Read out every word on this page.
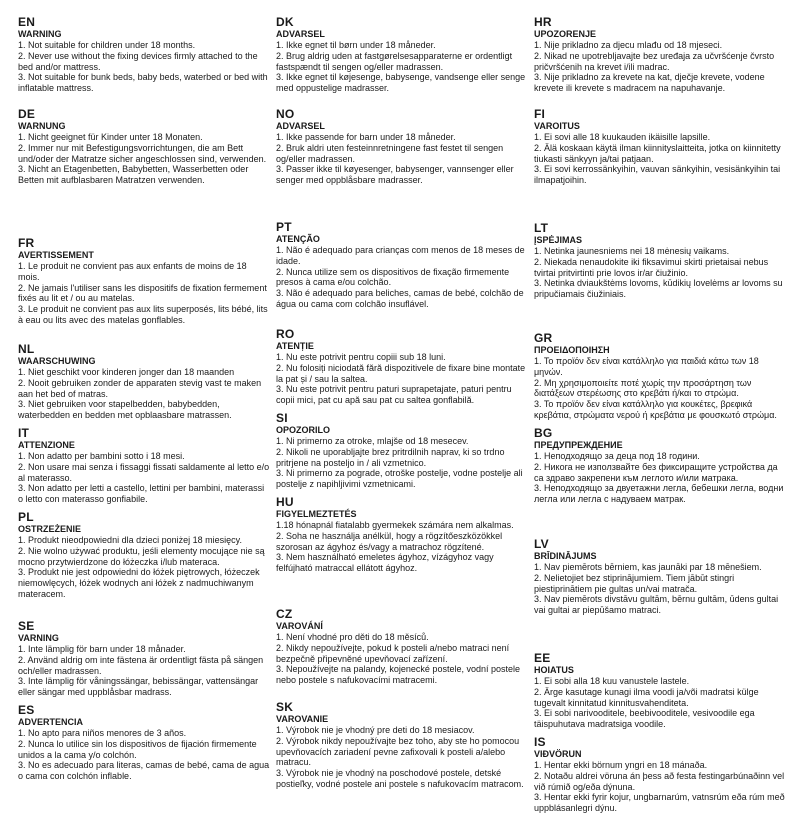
EN
WARNING
1. Not suitable for children under 18 months.
2. Never use without the fixing devices firmly attached to the bed and/or mattress.
3. Not suitable for bunk beds, baby beds, waterbed or bed with inflatable mattress.
DE
WARNUNG
1. Nicht geeignet für Kinder unter 18 Monaten.
2. Immer nur mit Befestigungsvorrichtungen, die am Bett und/oder der Matratze sicher angeschlossen sind, verwenden.
3. Nicht an Etagenbetten, Babybetten, Wasserbetten oder Betten mit aufblasbaren Matratzen verwenden.
FR
AVERTISSEMENT
1. Le produit ne convient pas aux enfants de moins de 18 mois.
2. Ne jamais l'utiliser sans les dispositifs de fixation fermement fixés au lit et / ou au matelas.
3. Le produit ne convient pas aux lits superposés, lits bébé, lits à eau ou lits avec des matelas gonflables.
NL
WAARSCHUWING
1. Niet geschikt voor kinderen jonger dan 18 maanden
2. Nooit gebruiken zonder de apparaten stevig vast te maken aan het bed of matras.
3. Niet gebruiken voor stapelbedden, babybedden, waterbedden en bedden met opblaasbare matrassen.
IT
ATTENZIONE
1. Non adatto per bambini sotto i 18 mesi.
2. Non usare mai senza i fissaggi fissati saldamente al letto e/o al materasso.
3. Non adatto per letti a castello, lettini per bambini, materassi o letto con materasso gonfiabile.
PL
OSTRZEŻENIE
1. Produkt nieodpowiedni dla dzieci poniżej 18 miesięcy.
2. Nie wolno używać produktu, jeśli elementy mocujące nie są mocno przytwierdzone do łóżeczka i/lub materaca.
3. Produkt nie jest odpowiedni do łóżek piętrowych, łóżeczek niemowlęcych, łóżek wodnych ani łóżek z nadmuchiwanym materacem.
SE
VARNING
1. Inte lämplig för barn under 18 månader.
2. Använd aldrig om inte fästena är ordentligt fästa på sängen och/eller madrassen.
3. Inte lämplig för våningssängar, bebissängar, vattensängar eller sängar med uppblåsbar madrass.
ES
ADVERTENCIA
1. No apto para niños menores de 3 años.
2. Nunca lo utilice sin los dispositivos de fijación firmemente unidos a la cama y/o colchón.
3. No es adecuado para literas, camas de bebé, cama de agua o cama con colchón inflable.
DK
ADVARSEL
1. Ikke egnet til børn under 18 måneder.
2. Brug aldrig uden at fastgørelsesapparaterne er ordentligt fastspændt til sengen og/eller madrassen.
3. Ikke egnet til køjesenge, babysenge, vandsenge eller senge med oppustelige madrasser.
NO
ADVARSEL
1. Ikke passende for barn under 18 måneder.
2. Bruk aldri uten festeinnretningene fast festet til sengen og/eller madrassen.
3. Passer ikke til køyesenger, babysenger, vannsenger eller senger med oppblåsbare madrasser.
PT
ATENÇÃO
1. Não é adequado para crianças com menos de 18 meses de idade.
2. Nunca utilize sem os dispositivos de fixação firmemente presos à cama e/ou colchão.
3. Não é adequado para beliches, camas de bebé, colchão de água ou cama com colchão insuflável.
RO
ATENȚIE
1. Nu este potrivit pentru copiii sub 18 luni.
2. Nu folosiți niciodată fără dispozitivele de fixare bine montate la pat și / sau la saltea.
3. Nu este potrivit pentru paturi suprapetajate, paturi pentru copii mici, pat cu apă sau pat cu saltea gonflabilă.
SI
OPOZORILO
1. Ni primerno za otroke, mlajše od 18 mesecev.
2. Nikoli ne uporabljajte brez pritrdilnih naprav, ki so trdno pritrjene na posteljo in / ali vzmetnico.
3. Ni primerno za pograde, otroške postelje, vodne postelje ali postelje z napihljivimi vzmetnicami.
HU
FIGYELMEZTETÉS
1.18 hónapnál fiatalabb gyermekek számára nem alkalmas.
2. Soha ne használja anélkül, hogy a rögzítőeszközökkel szorosan az ágyhoz és/vagy a matrachoz rögzítené.
3. Nem használható emeletes ágyhoz, vízágyhoz vagy felfújható matraccal ellátott ágyhoz.
CZ
VAROVÁNÍ
1. Není vhodné pro děti do 18 měsíců.
2. Nikdy nepoužívejte, pokud k posteli a/nebo matraci není bezpečně připevněné upevňovací zařízení.
3. Nepoužívejte na palandy, kojenecké postele, vodní postele nebo postele s nafukovacími matracemi.
SK
VAROVANIE
1. Výrobok nie je vhodný pre deti do 18 mesiacov.
2. Výrobok nikdy nepoužívajte bez toho, aby ste ho pomocou upevňovacích zariadení pevne zafixovali k posteli a/alebo matracu.
3. Výrobok nie je vhodný na poschodové postele, detské postieľky, vodné postele ani postele s nafukovacím matracom.
HR
UPOZORENJE
1. Nije prikladno za djecu mlađu od 18 mjeseci.
2. Nikad ne upotrebljavajte bez uređaja za učvršćenje čvrsto pričvršćenih na krevet i/ili madrac.
3. Nije prikladno za krevete na kat, dječje krevete, vodene krevete ili krevete s madracem na napuhavanje.
FI
VAROITUS
1. Ei sovi alle 18 kuukauden ikäisille lapsille.
2. Älä koskaan käytä ilman kiinnityslaitteita, jotka on kiinnitetty tiukasti sänkyyn ja/tai patjaan.
3. Ei sovi kerrossänkyihin, vauvan sänkyihin, vesisänkyihin tai ilmapatjoihin.
LT
ĮSPĖJIMAS
1. Netinka jaunesniems nei 18 mėnesių vaikams.
2. Niekada nenaudokite iki fiksavimui skirti prietaisai nebus tvirtai pritvirtinti prie lovos ir/ar čiužinio.
3. Netinka dviaukštėms lovoms, kūdikių lovelėms ar lovoms su pripučiamais čiužiniais.
GR
ΠΡΟΕΙΔΟΠΟΙΗΣΗ
1. Το προϊόν δεν είναι κατάλληλο για παιδιά κάτω των 18 μηνών.
2. Μη χρησιμοποιείτε ποτέ χωρίς την προσάρτηση των διατάξεων στερέωσης στο κρεβάτι ή/και το στρώμα.
3. Το προϊόν δεν είναι κατάλληλο για κουκέτες, βρεφικά κρεβάτια, στρώματα νερού ή κρεβάτια με φουσκωτό στρώμα.
BG
ПРЕДУПРЕЖДЕНИЕ
1. Неподходящо за деца под 18 години.
2. Никога не използвайте без фиксиращите устройства да са здраво закрепени към леглото и/или матрака.
3. Неподходящо за двуетажни легла, бебешки легла, водни легла или легла с надуваем матрак.
LV
BRĪDINĀJUMS
1. Nav piemērots bērniem, kas jaunāki par 18 mēnešiem.
2. Nelietojiet bez stiprinājumiem. Tiem jābūt stingri piestiprinātiem pie gultas un/vai matrača.
3. Nav piemērots divstāvu gultām, bērnu gultām, ūdens gultai vai gultai ar piepūšamo matraci.
EE
HOIATUS
1. Ei sobi alla 18 kuu vanustele lastele.
2. Ärge kasutage kunagi ilma voodi ja/või madratsi külge tugevalt kinnitatud kinnitusvahenditeta.
3. Ei sobi narivooditele, beebivooditele, vesivoodile ega täispuhutava madratsiga voodile.
IS
VIÐVÖRUN
1. Hentar ekki börnum yngri en 18 mánaða.
2. Notaðu aldrei vöruna án þess að festa festingarbúnaðinn vel við rúmið og/eða dýnuna.
3. Hentar ekki fyrir kojur, ungbarnarúm, vatnsrúm eða rúm með uppblásanlegri dýnu.
